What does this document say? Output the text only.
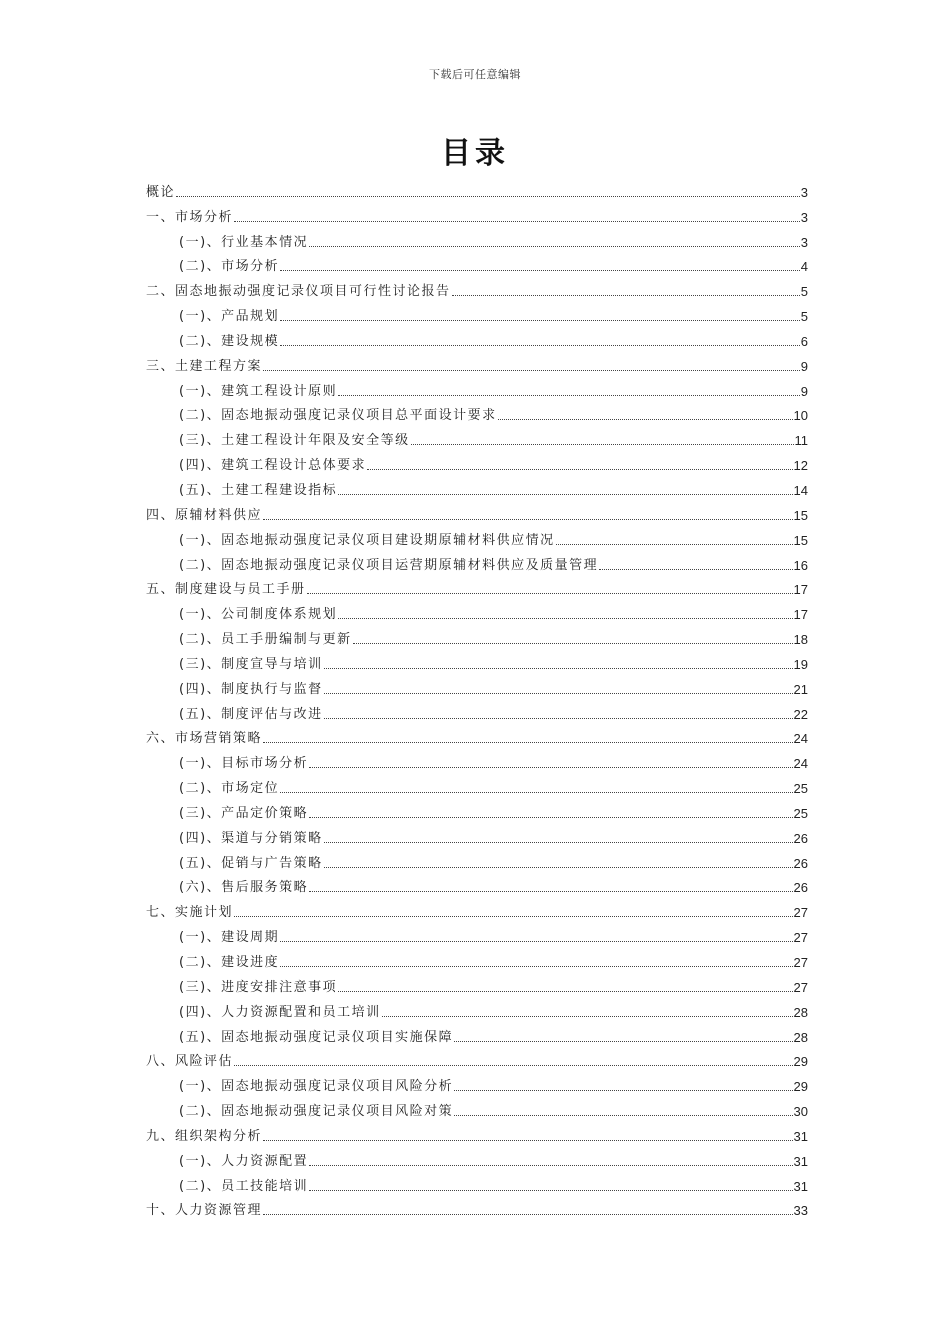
下载后可任意编辑
目录
概论	3
一、市场分析	3
(一)、行业基本情况	3
(二)、市场分析	4
二、固态地振动强度记录仪项目可行性讨论报告	5
(一)、产品规划	5
(二)、建设规模	6
三、土建工程方案	9
(一)、建筑工程设计原则	9
(二)、固态地振动强度记录仪项目总平面设计要求	10
(三)、土建工程设计年限及安全等级	11
(四)、建筑工程设计总体要求	12
(五)、土建工程建设指标	14
四、原辅材料供应	15
(一)、固态地振动强度记录仪项目建设期原辅材料供应情况	15
(二)、固态地振动强度记录仪项目运营期原辅材料供应及质量管理	16
五、制度建设与员工手册	17
(一)、公司制度体系规划	17
(二)、员工手册编制与更新	18
(三)、制度宣导与培训	19
(四)、制度执行与监督	21
(五)、制度评估与改进	22
六、市场营销策略	24
(一)、目标市场分析	24
(二)、市场定位	25
(三)、产品定价策略	25
(四)、渠道与分销策略	26
(五)、促销与广告策略	26
(六)、售后服务策略	26
七、实施计划	27
(一)、建设周期	27
(二)、建设进度	27
(三)、进度安排注意事项	27
(四)、人力资源配置和员工培训	28
(五)、固态地振动强度记录仪项目实施保障	28
八、风险评估	29
(一)、固态地振动强度记录仪项目风险分析	29
(二)、固态地振动强度记录仪项目风险对策	30
九、组织架构分析	31
(一)、人力资源配置	31
(二)、员工技能培训	31
十、人力资源管理	33
